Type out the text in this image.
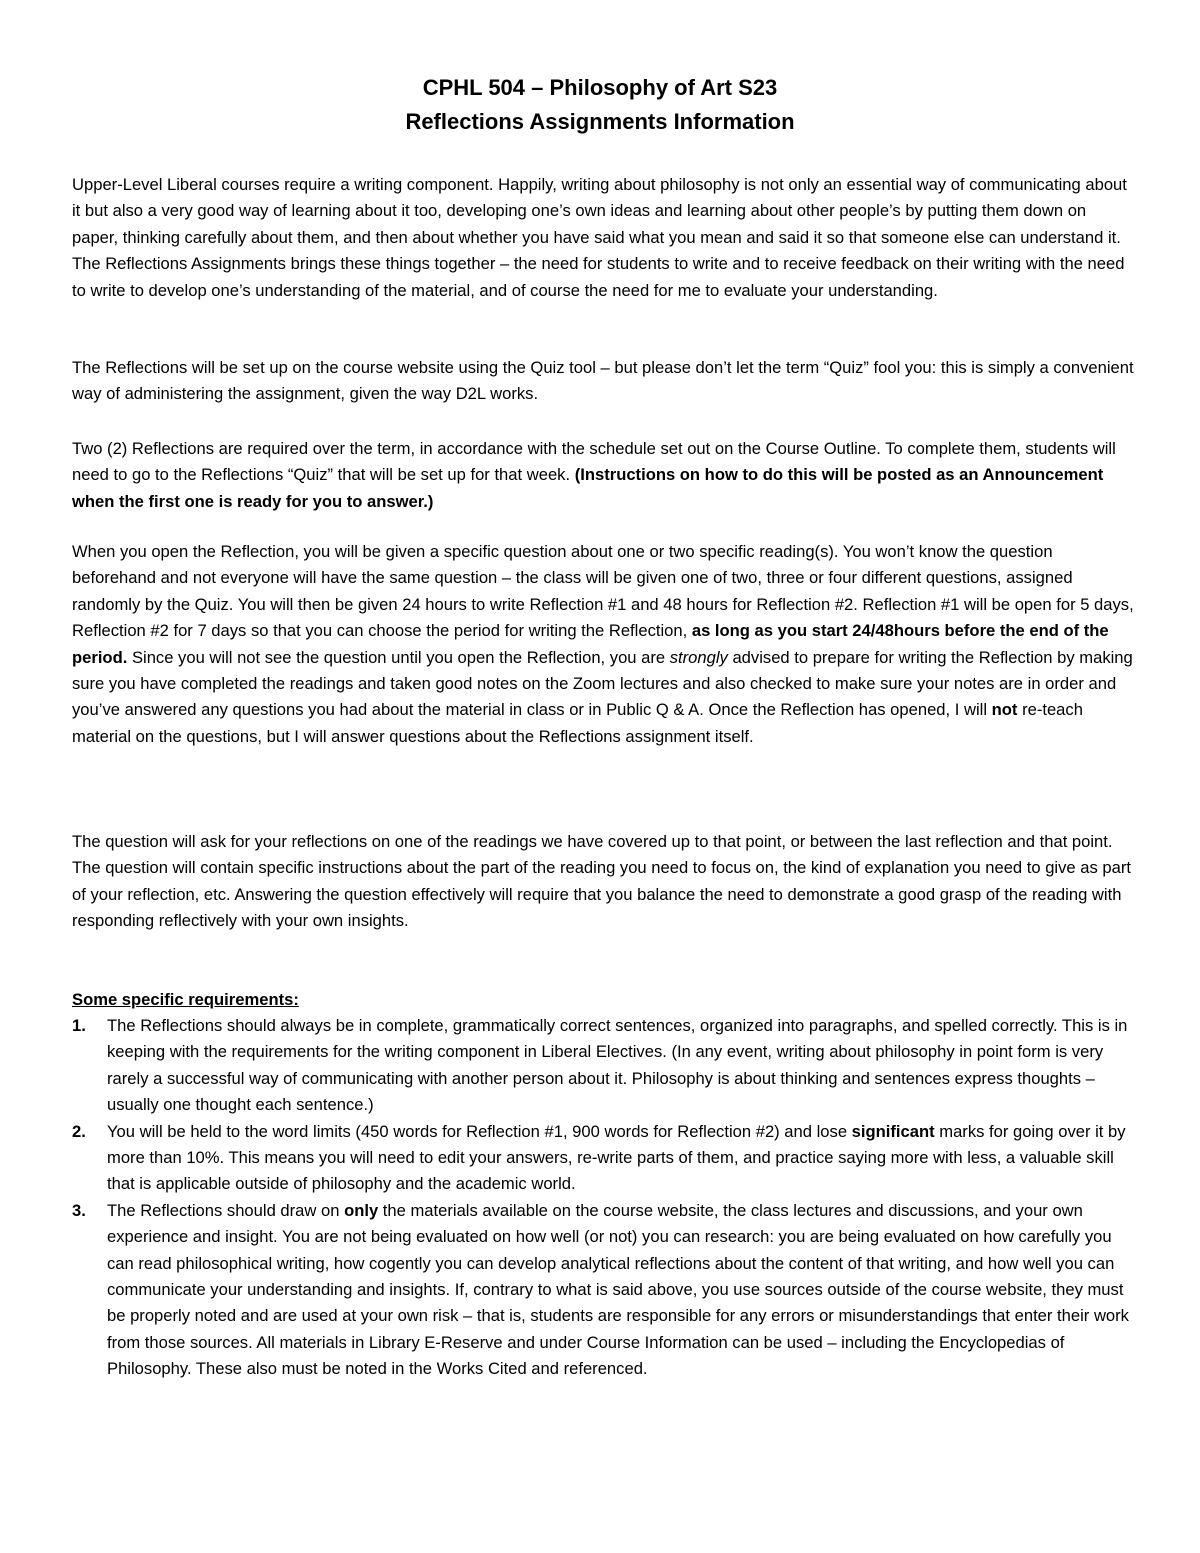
CPHL 504 – Philosophy of Art S23
Reflections Assignments Information

Upper-Level Liberal courses require a writing component. Happily, writing about philosophy is not only an essential way of communicating about it but also a very good way of learning about it too, developing one’s own ideas and learning about other people’s by putting them down on paper, thinking carefully about them, and then about whether you have said what you mean and said it so that someone else can understand it. The Reflections Assignments brings these things together – the need for students to write and to receive feedback on their writing with the need to write to develop one’s understanding of the material, and of course the need for me to evaluate your understanding.

The Reflections will be set up on the course website using the Quiz tool – but please don’t let the term “Quiz” fool you: this is simply a convenient way of administering the assignment, given the way D2L works.

Two (2) Reflections are required over the term, in accordance with the schedule set out on the Course Outline. To complete them, students will need to go to the Reflections “Quiz” that will be set up for that week. (Instructions on how to do this will be posted as an Announcement when the first one is ready for you to answer.)

When you open the Reflection, you will be given a specific question about one or two specific reading(s). You won’t know the question beforehand and not everyone will have the same question – the class will be given one of two, three or four different questions, assigned randomly by the Quiz. You will then be given 24 hours to write Reflection #1 and 48 hours for Reflection #2. Reflection #1 will be open for 5 days, Reflection #2 for 7 days so that you can choose the period for writing the Reflection, as long as you start 24/48hours before the end of the period. Since you will not see the question until you open the Reflection, you are strongly advised to prepare for writing the Reflection by making sure you have completed the readings and taken good notes on the Zoom lectures and also checked to make sure your notes are in order and you’ve answered any questions you had about the material in class or in Public Q & A. Once the Reflection has opened, I will not re-teach material on the questions, but I will answer questions about the Reflections assignment itself.

The question will ask for your reflections on one of the readings we have covered up to that point, or between the last reflection and that point. The question will contain specific instructions about the part of the reading you need to focus on, the kind of explanation you need to give as part of your reflection, etc. Answering the question effectively will require that you balance the need to demonstrate a good grasp of the reading with responding reflectively with your own insights.

Some specific requirements:
1. The Reflections should always be in complete, grammatically correct sentences, organized into paragraphs, and spelled correctly. This is in keeping with the requirements for the writing component in Liberal Electives. (In any event, writing about philosophy in point form is very rarely a successful way of communicating with another person about it. Philosophy is about thinking and sentences express thoughts – usually one thought each sentence.)
2. You will be held to the word limits (450 words for Reflection #1, 900 words for Reflection #2) and lose significant marks for going over it by more than 10%. This means you will need to edit your answers, re-write parts of them, and practice saying more with less, a valuable skill that is applicable outside of philosophy and the academic world.
3. The Reflections should draw on only the materials available on the course website, the class lectures and discussions, and your own experience and insight. You are not being evaluated on how well (or not) you can research: you are being evaluated on how carefully you can read philosophical writing, how cogently you can develop analytical reflections about the content of that writing, and how well you can communicate your understanding and insights. If, contrary to what is said above, you use sources outside of the course website, they must be properly noted and are used at your own risk – that is, students are responsible for any errors or misunderstandings that enter their work from those sources. All materials in Library E-Reserve and under Course Information can be used – including the Encyclopedias of Philosophy. These also must be noted in the Works Cited and referenced.
